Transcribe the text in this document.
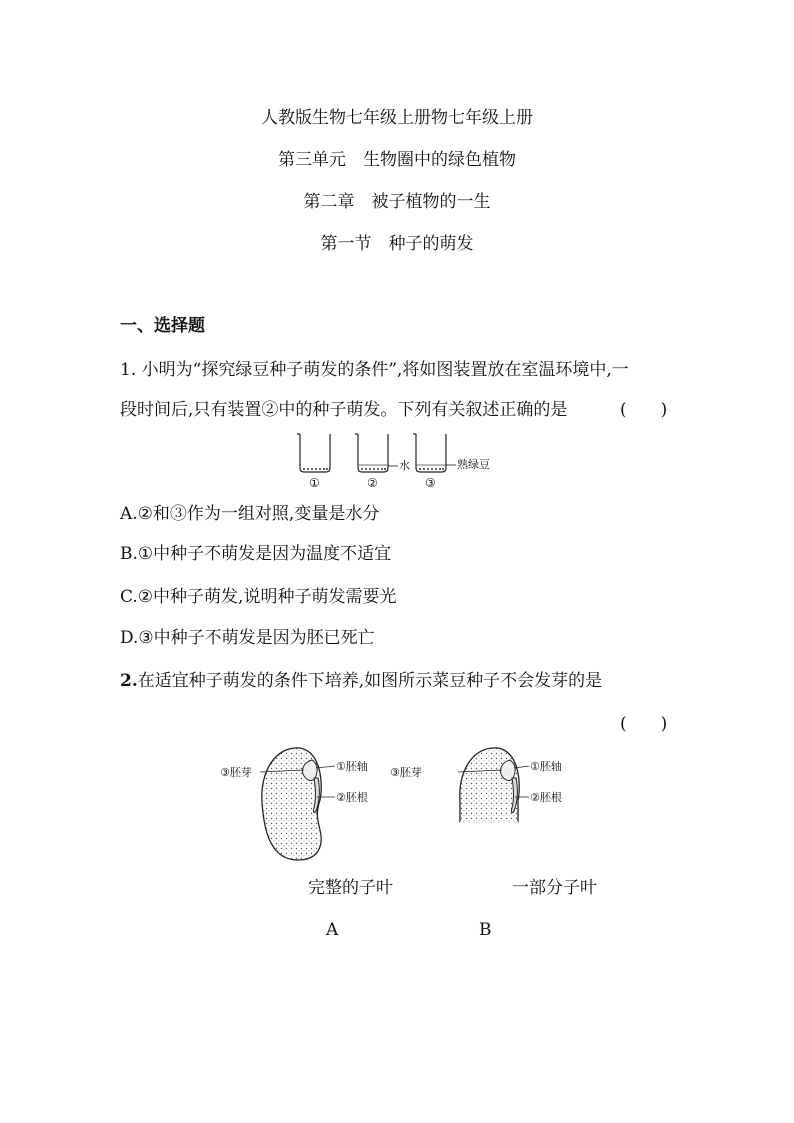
人教版生物七年级上册物七年级上册
第三单元　生物圈中的绿色植物
第二章　被子植物的一生
第一节　种子的萌发
一、选择题
1. 小明为“探究绿豆种子萌发的条件”,将如图装置放在室温环境中,一
段时间后,只有装置②中的种子萌发。下列有关叙述正确的是	(　　)
水	熟绿豆
①	②	③
A.②和③作为一组对照,变量是水分
B.①中种子不萌发是因为温度不适宜
C.②中种子萌发,说明种子萌发需要光
D.③中种子不萌发是因为胚已死亡
2.在适宜种子萌发的条件下培养,如图所示菜豆种子不会发芽的是
(　　)
③胚芽	①胚轴
②胚根
③胚芽	①胚轴
②胚根
完整的子叶	一部分子叶
A	B
